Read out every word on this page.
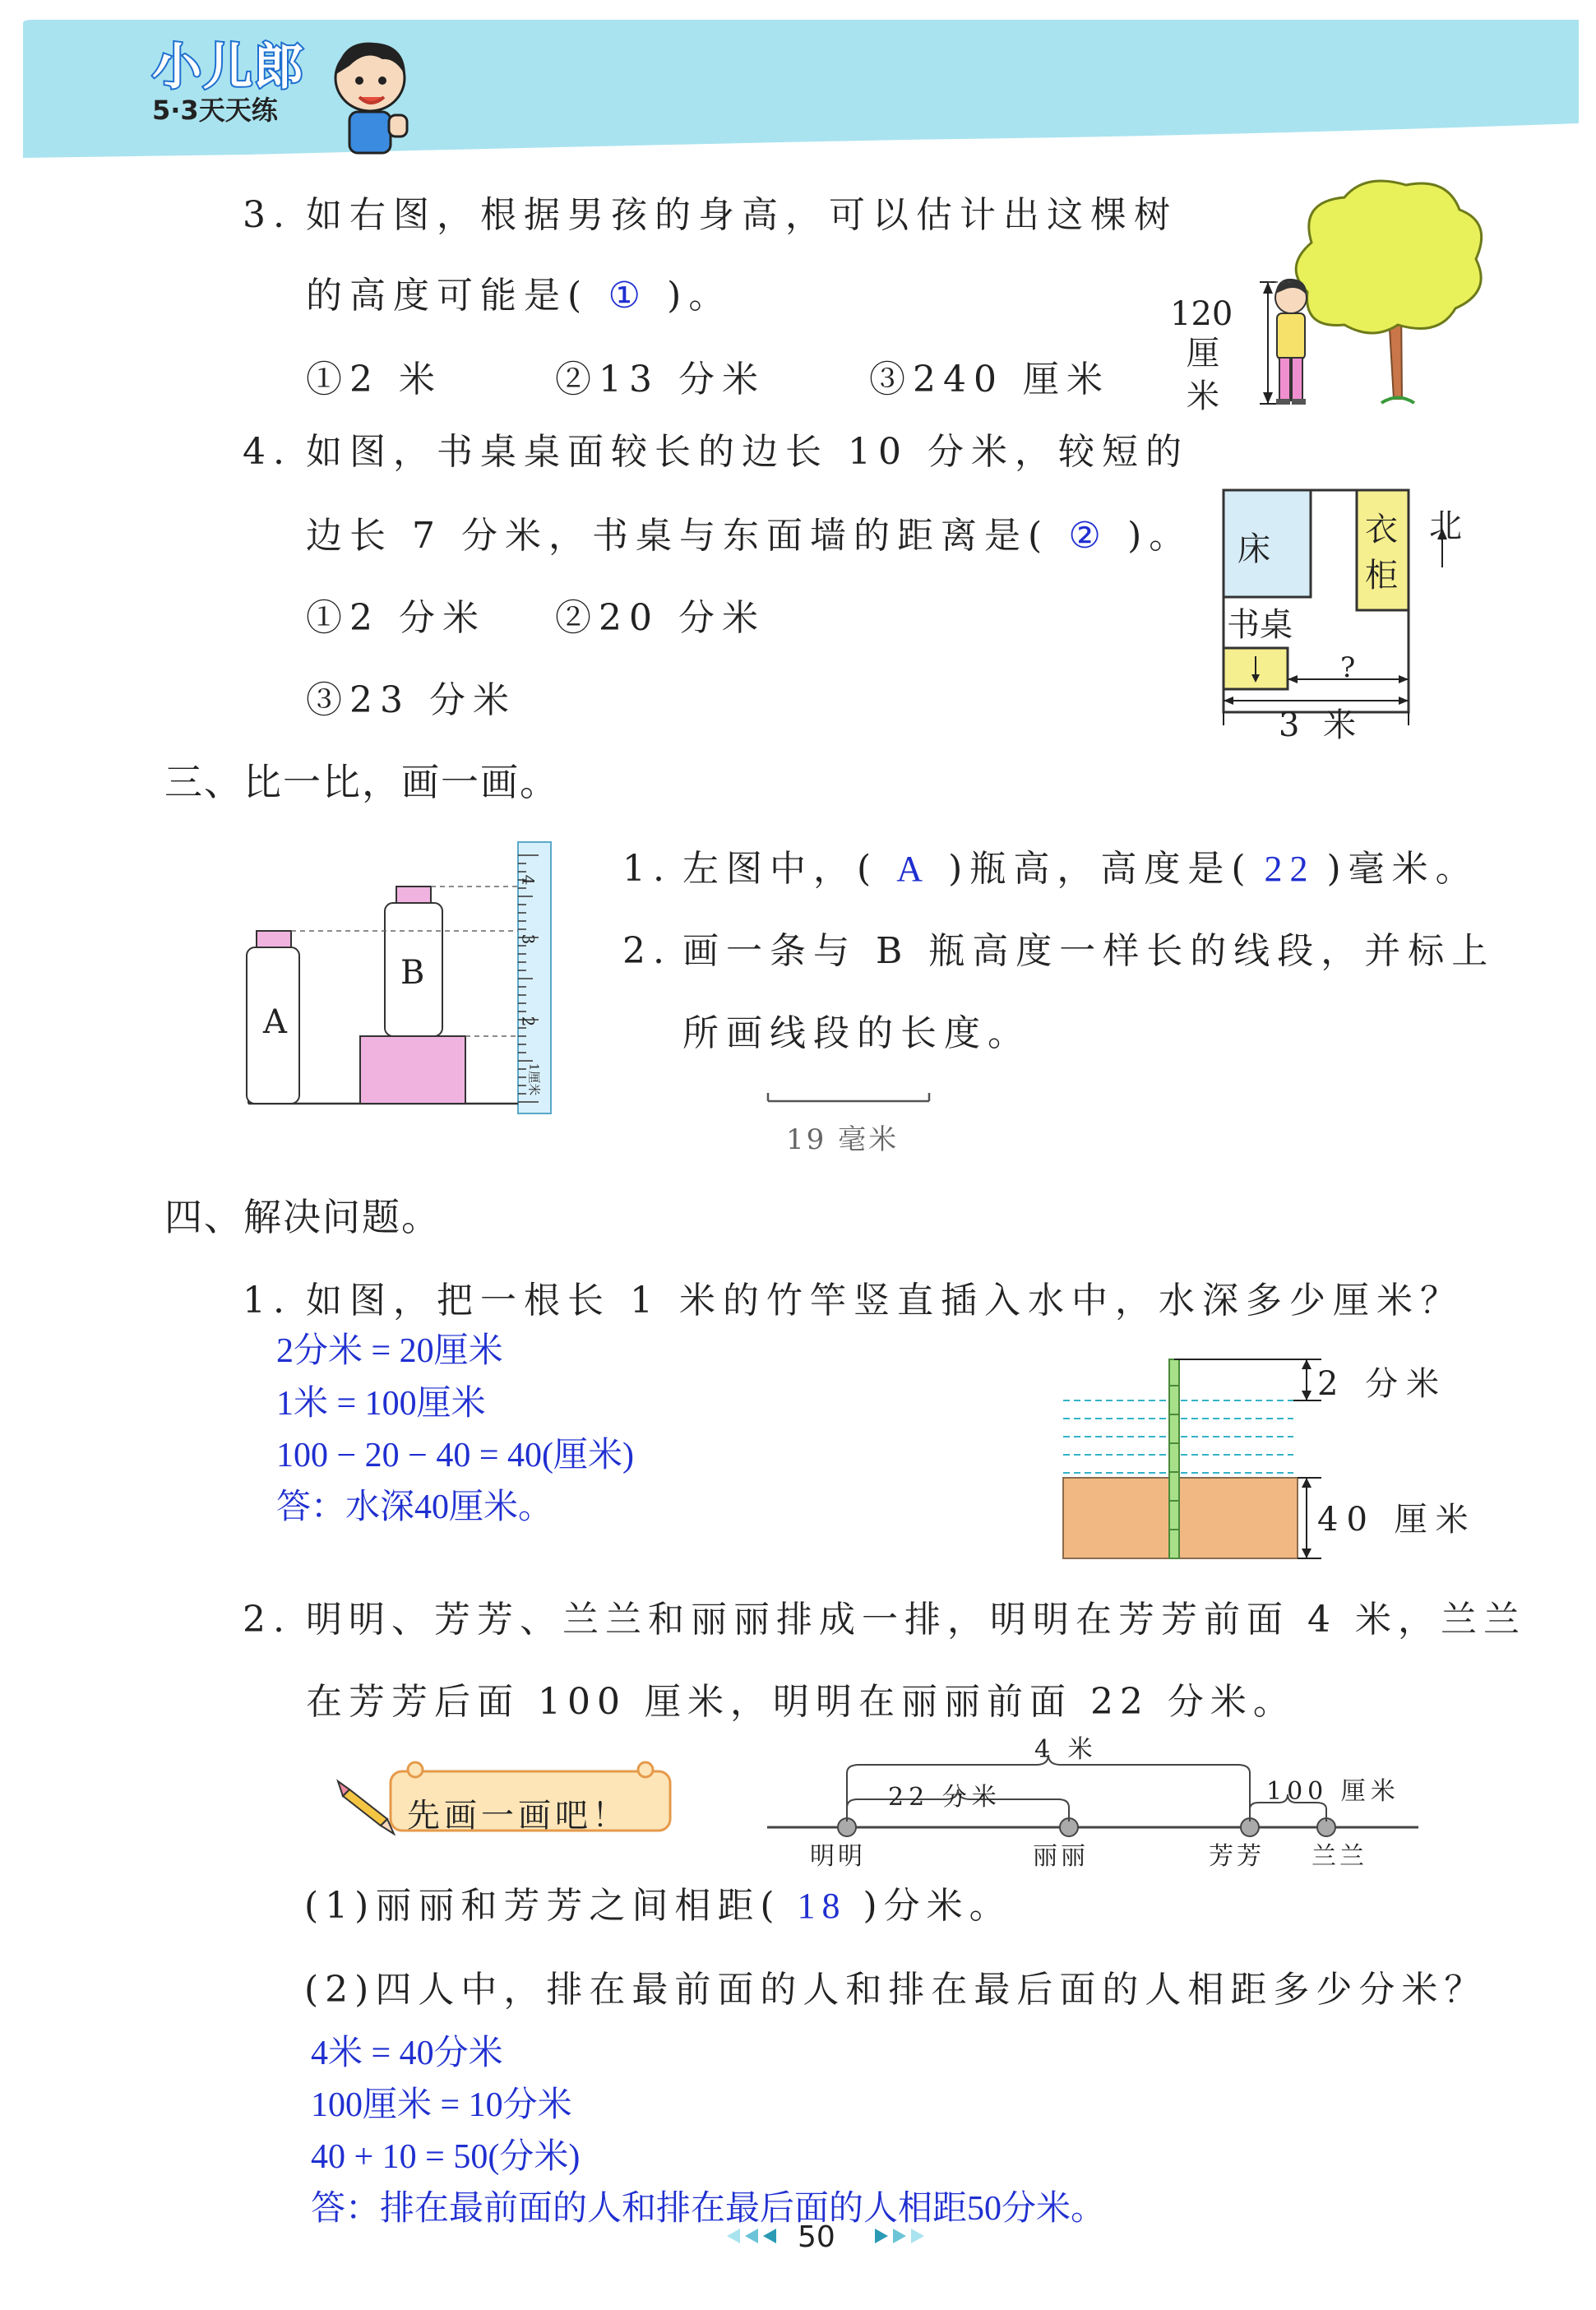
小儿郎
5·3天天练
3. 如右图，根据男孩的身高，可以估计出这棵树
的高度可能是( ① )。
①2 米	②13 分米	③240 厘米
120
厘
米
4. 如图，书桌桌面较长的边长 10 分米，较短的
边长 7 分米，书桌与东面墙的距离是( ② )。
①2 分米 ②20 分米
③23 分米
床
衣
柜
书桌
北
?
3 米
三、比一比，画一画。
4
3
2
1厘米
A
B
1. 左图中，( A )瓶高，高度是( 22 )毫米。
2. 画一条与 B 瓶高度一样长的线段，并标上
所画线段的长度。
19 毫米
四、解决问题。
1. 如图，把一根长 1 米的竹竿竖直插入水中，水深多少厘米？
2分米 = 20厘米
1米 = 100厘米
100 − 20 − 40 = 40(厘米)
答：水深40厘米。
2 分米
40 厘米
2. 明明、芳芳、兰兰和丽丽排成一排，明明在芳芳前面 4 米，兰兰
在芳芳后面 100 厘米，明明在丽丽前面 22 分米。
先画一画吧！
4 米
22 分米	100 厘米
明明	丽丽	芳芳 兰兰
(1)丽丽和芳芳之间相距( 18 )分米。
(2)四人中，排在最前面的人和排在最后面的人相距多少分米？
4米 = 40分米
100厘米 = 10分米
40 + 10 = 50(分米)
答：排在最前面的人和排在最后面的人相距50分米。
50
